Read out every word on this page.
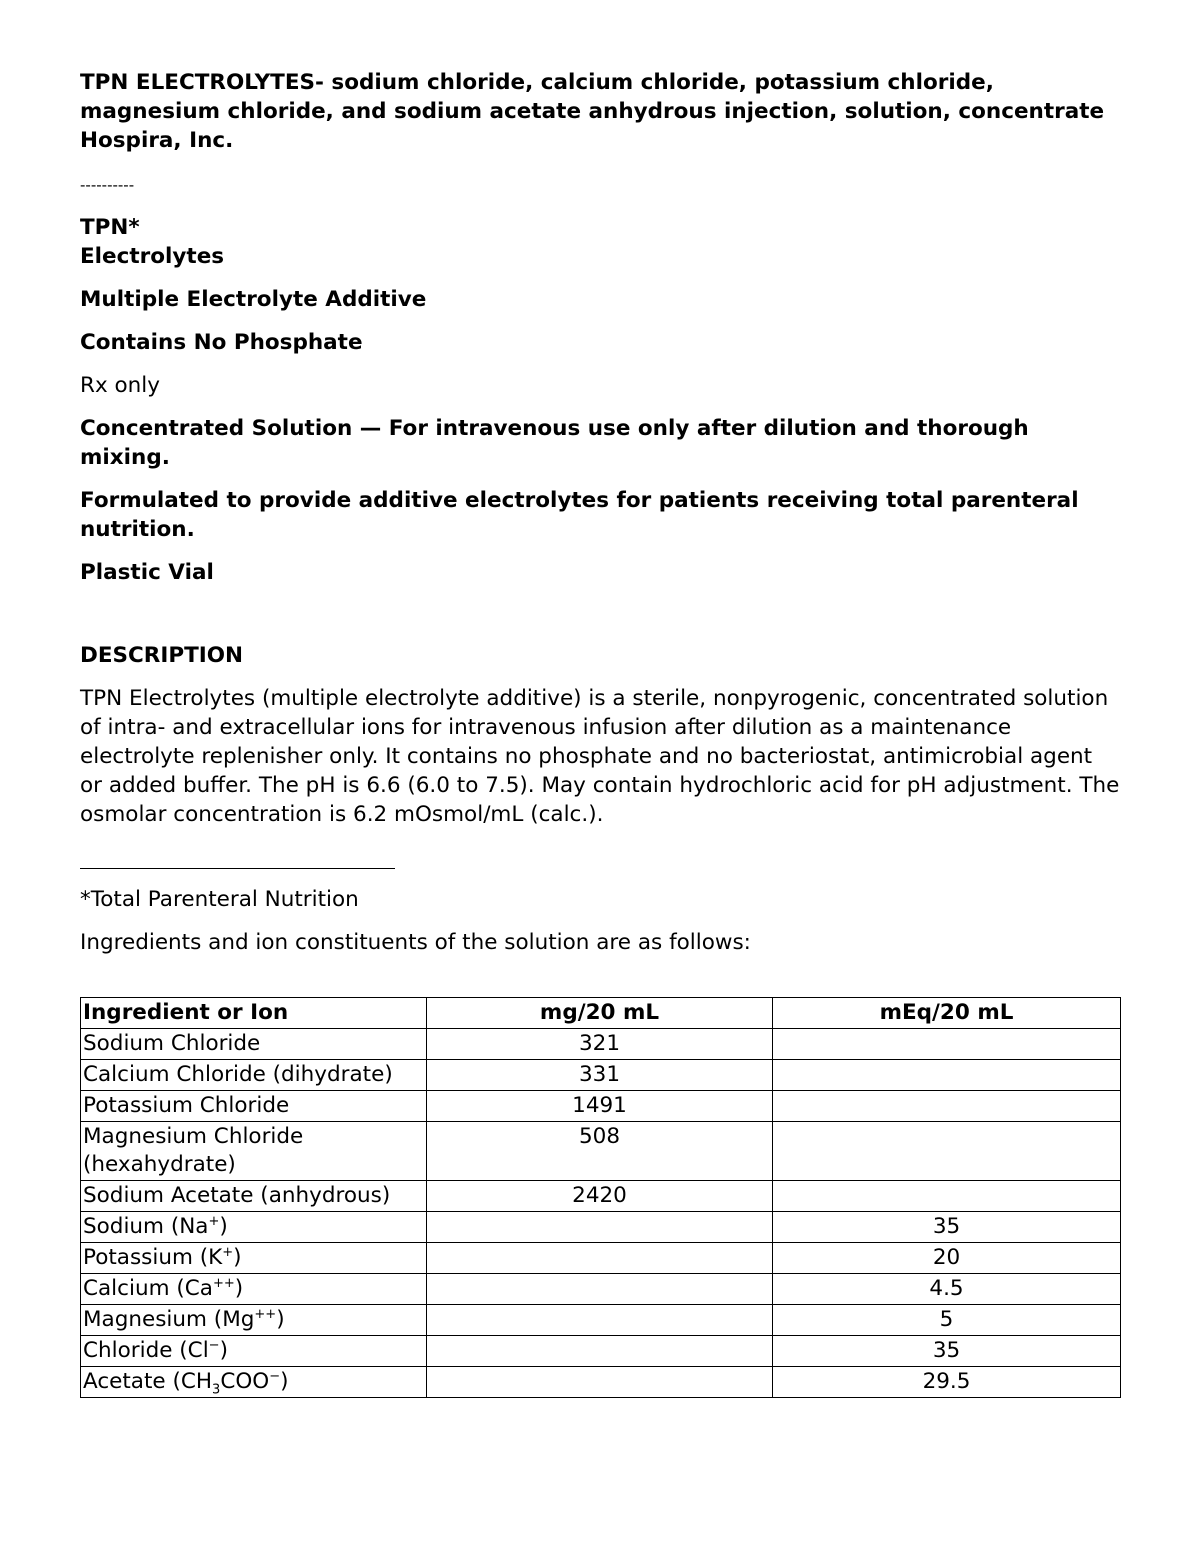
TPN ELECTROLYTES- sodium chloride, calcium chloride, potassium chloride, magnesium chloride, and sodium acetate anhydrous injection, solution, concentrate
Hospira, Inc.
----------

TPN*

Electrolytes

Multiple Electrolyte Additive

Contains No Phosphate

Rx only

Concentrated Solution — For intravenous use only after dilution and thorough mixing.

Formulated to provide additive electrolytes for patients receiving total parenteral nutrition.

Plastic Vial

DESCRIPTION

TPN Electrolytes (multiple electrolyte additive) is a sterile, nonpyrogenic, concentrated solution of intra- and extracellular ions for intravenous infusion after dilution as a maintenance electrolyte replenisher only. It contains no phosphate and no bacteriostat, antimicrobial agent or added buffer. The pH is 6.6 (6.0 to 7.5). May contain hydrochloric acid for pH adjustment. The osmolar concentration is 6.2 mOsmol/mL (calc.).

*Total Parenteral Nutrition

Ingredients and ion constituents of the solution are as follows:

Ingredient or Ion	mg/20 mL	mEq/20 mL
Sodium Chloride	321	
Calcium Chloride (dihydrate)	331	
Potassium Chloride	1491	
Magnesium Chloride (hexahydrate)	508	
Sodium Acetate (anhydrous)	2420	
Sodium (Na+)		35
Potassium (K+)		20
Calcium (Ca++)		4.5
Magnesium (Mg++)		5
Chloride (Cl−)		35
Acetate $(CH_3COO^-)$		29.5
